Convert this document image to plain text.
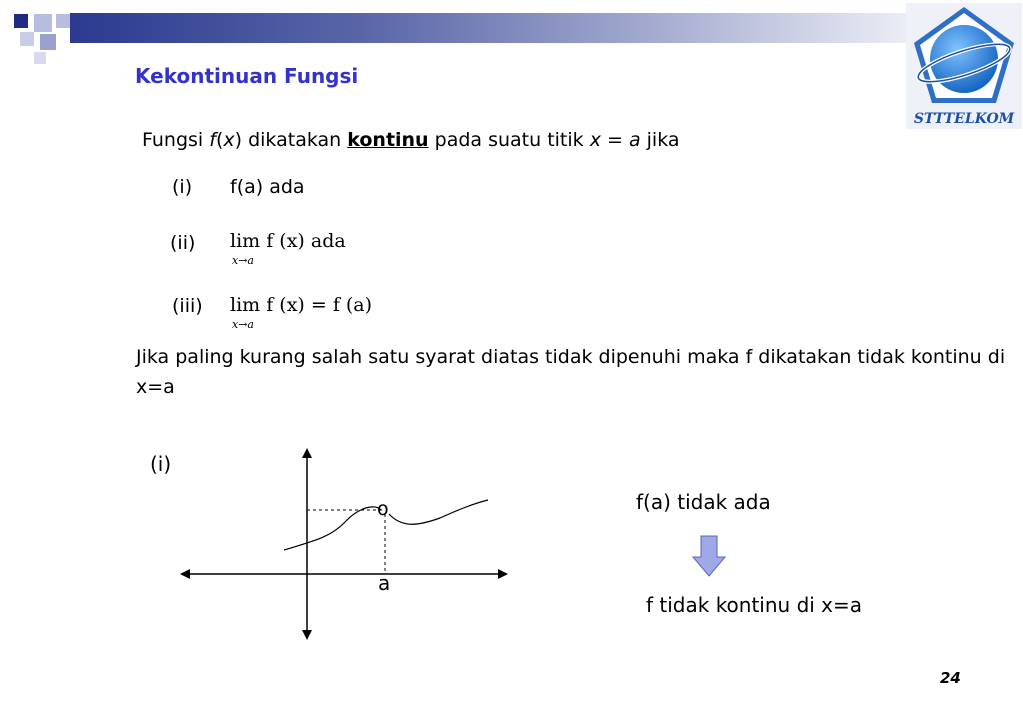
STTTELKOM
Kekontinuan Fungsi
Fungsi f(x) dikatakan kontinu pada suatu titik x = a jika
(i) f(a) ada
(ii) lim f (x) ada
x→a
(iii) lim f (x) = f (a)
x→a
Jika paling kurang salah satu syarat diatas tidak dipenuhi maka f dikatakan tidak kontinu di x=a
(i)
o
a
f(a) tidak ada
f tidak kontinu di x=a
24
